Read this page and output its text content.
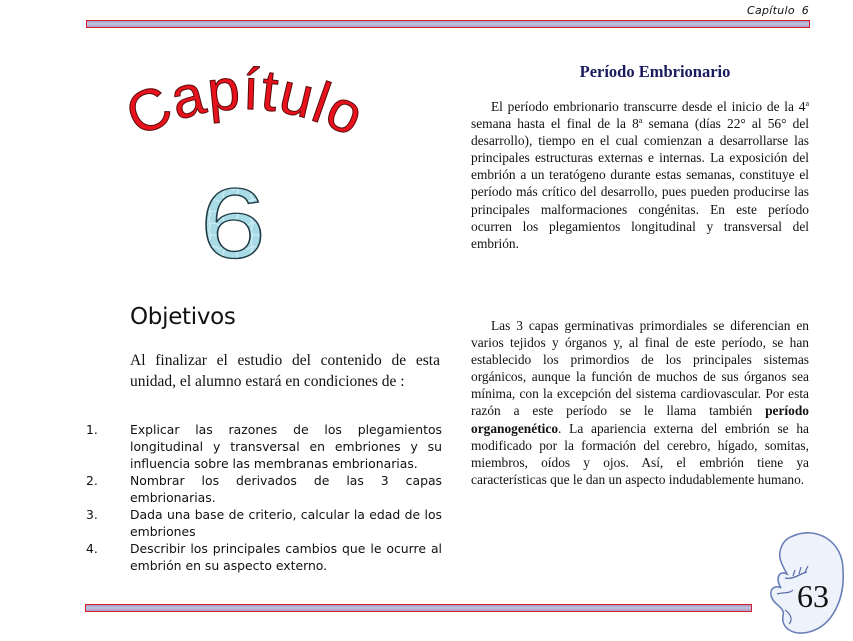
Capítulo 6
Capítulo
6
Objetivos
Al finalizar el estudio del contenido de esta unidad, el alumno estará en condiciones de :
1.	Explicar las razones de los plegamientos longitudinal y transversal en embriones y su influencia sobre las membranas embrionarias.
2.	Nombrar los derivados de las 3 capas embrionarias.
3.	Dada una base de criterio, calcular la edad de los embriones
4.	Describir los principales cambios que le ocurre al embrión en su aspecto externo.
Período Embrionario

El período embrionario transcurre desde el inicio de la 4$^a$ semana hasta el final de la 8$^a$ semana (días 22° al 56° del desarrollo), tiempo en el cual comienzan a desarrollarse las principales estructuras externas e internas. La exposición del embrión a un teratógeno durante estas semanas, constituye el período más crítico del desarrollo, pues pueden producirse las principales malformaciones congénitas. En este período ocurren los plegamientos longitudinal y transversal del embrión.

Las 3 capas germinativas primordiales se diferencian en varios tejidos y órganos y, al final de este período, se han establecido los primordios de los principales sistemas orgánicos, aunque la función de muchos de sus órganos sea mínima, con la excepción del sistema cardiovascular. Por esta razón a este período se le llama también período organogenético. La apariencia externa del embrión se ha modificado por la formación del cerebro, hígado, somitas, miembros, oídos y ojos. Así, el embrión tiene ya características que le dan un aspecto indudablemente humano.

63
